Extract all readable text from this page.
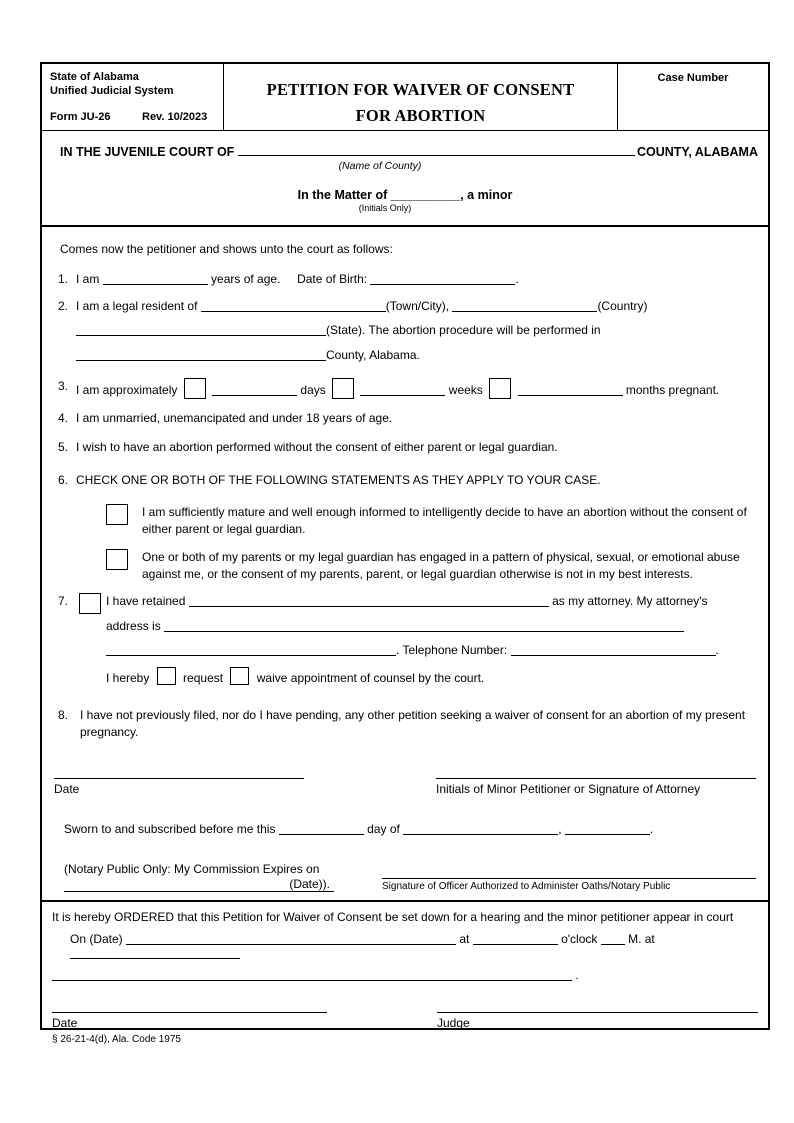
State of Alabama
Unified Judicial System
Form JU-26	Rev. 10/2023
PETITION FOR WAIVER OF CONSENT
FOR ABORTION
Case Number
IN THE JUVENILE COURT OF	COUNTY, ALABAMA
(Name of County)
In the Matter of __________, a minor
(Initials Only)
Comes now the petitioner and shows unto the court as follows:
1. I am	years of age. Date of Birth:	.
2. I am a legal resident of	(Town/City),	(Country)
(State). The abortion procedure will be performed in
County, Alabama.
3. I am approximately	days	weeks	months pregnant.
4. I am unmarried, unemancipated and under 18 years of age.
5. I wish to have an abortion performed without the consent of either parent or legal guardian.
6. CHECK ONE OR BOTH OF THE FOLLOWING STATEMENTS AS THEY APPLY TO YOUR CASE.
I am sufficiently mature and well enough informed to intelligently decide to have an abortion without the consent of either parent or legal guardian.
One or both of my parents or my legal guardian has engaged in a pattern of physical, sexual, or emotional abuse against me, or the consent of my parents, parent, or legal guardian otherwise is not in my best interests.
7.	I have retained	as my attorney. My attorney's
address is
. Telephone Number:	.
I hereby	request	waive appointment of counsel by the court.
8. I have not previously filed, nor do I have pending, any other petition seeking a waiver of consent for an abortion of my present pregnancy.
Date	Initials of Minor Petitioner or Signature of Attorney
Sworn to and subscribed before me this	day of	,	.
(Notary Public Only: My Commission Expires on
(Date)).	Signature of Officer Authorized to Administer Oaths/Notary Public
It is hereby ORDERED that this Petition for Waiver of Consent be set down for a hearing and the minor petitioner appear in court
On (Date)	at	o'clock	M. at
.
Date
§ 26-21-4(d), Ala. Code 1975
Judge
